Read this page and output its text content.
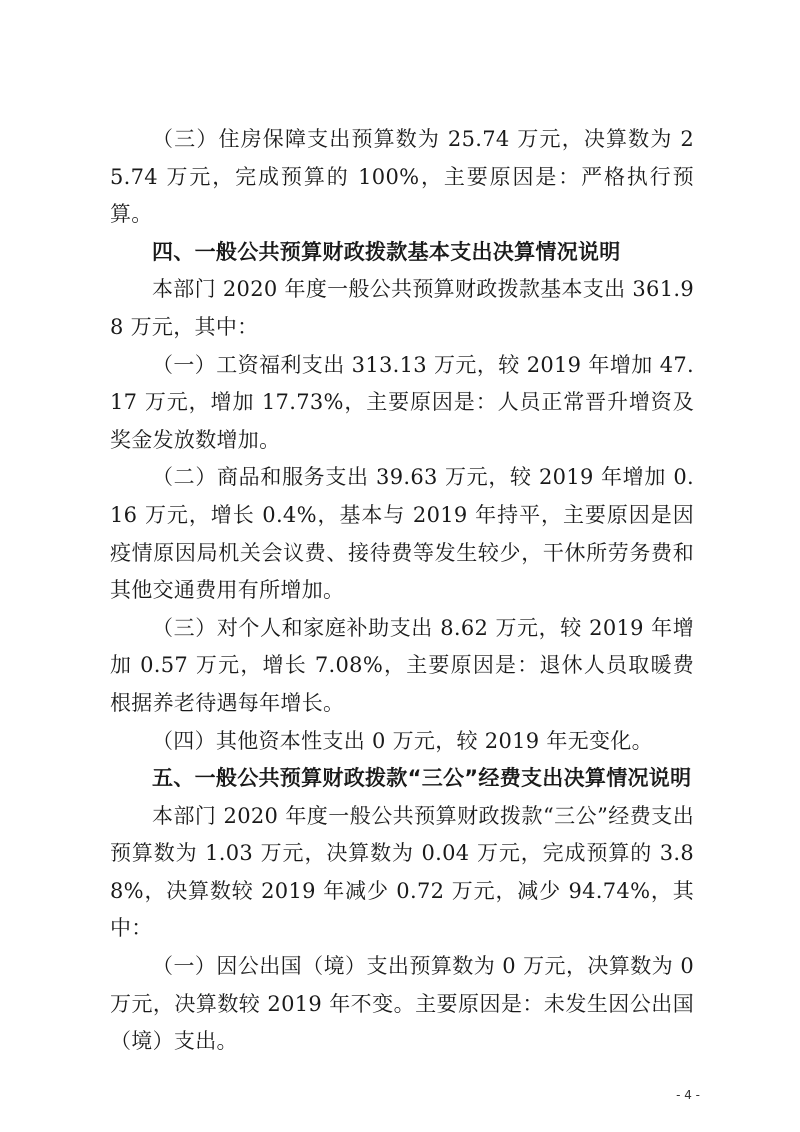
（三）住房保障支出预算数为 25.74 万元，决算数为 25.74 万元，完成预算的 100%，主要原因是：严格执行预算。

四、一般公共预算财政拨款基本支出决算情况说明

本部门 2020 年度一般公共预算财政拨款基本支出 361.98 万元，其中：

（一）工资福利支出 313.13 万元，较 2019 年增加 47.17 万元，增加 17.73%，主要原因是：人员正常晋升增资及奖金发放数增加。

（二）商品和服务支出 39.63 万元，较 2019 年增加 0.16 万元，增长 0.4%，基本与 2019 年持平，主要原因是因疫情原因局机关会议费、接待费等发生较少，干休所劳务费和其他交通费用有所增加。

（三）对个人和家庭补助支出 8.62 万元，较 2019 年增加 0.57 万元，增长 7.08%，主要原因是：退休人员取暖费根据养老待遇每年增长。

（四）其他资本性支出 0 万元，较 2019 年无变化。

五、一般公共预算财政拨款“三公”经费支出决算情况说明

本部门 2020 年度一般公共预算财政拨款“三公”经费支出预算数为 1.03 万元，决算数为 0.04 万元，完成预算的 3.88%，决算数较 2019 年减少 0.72 万元，减少 94.74%，其中：

（一）因公出国（境）支出预算数为 0 万元，决算数为 0 万元，决算数较 2019 年不变。主要原因是：未发生因公出国（境）支出。

- 4 -
